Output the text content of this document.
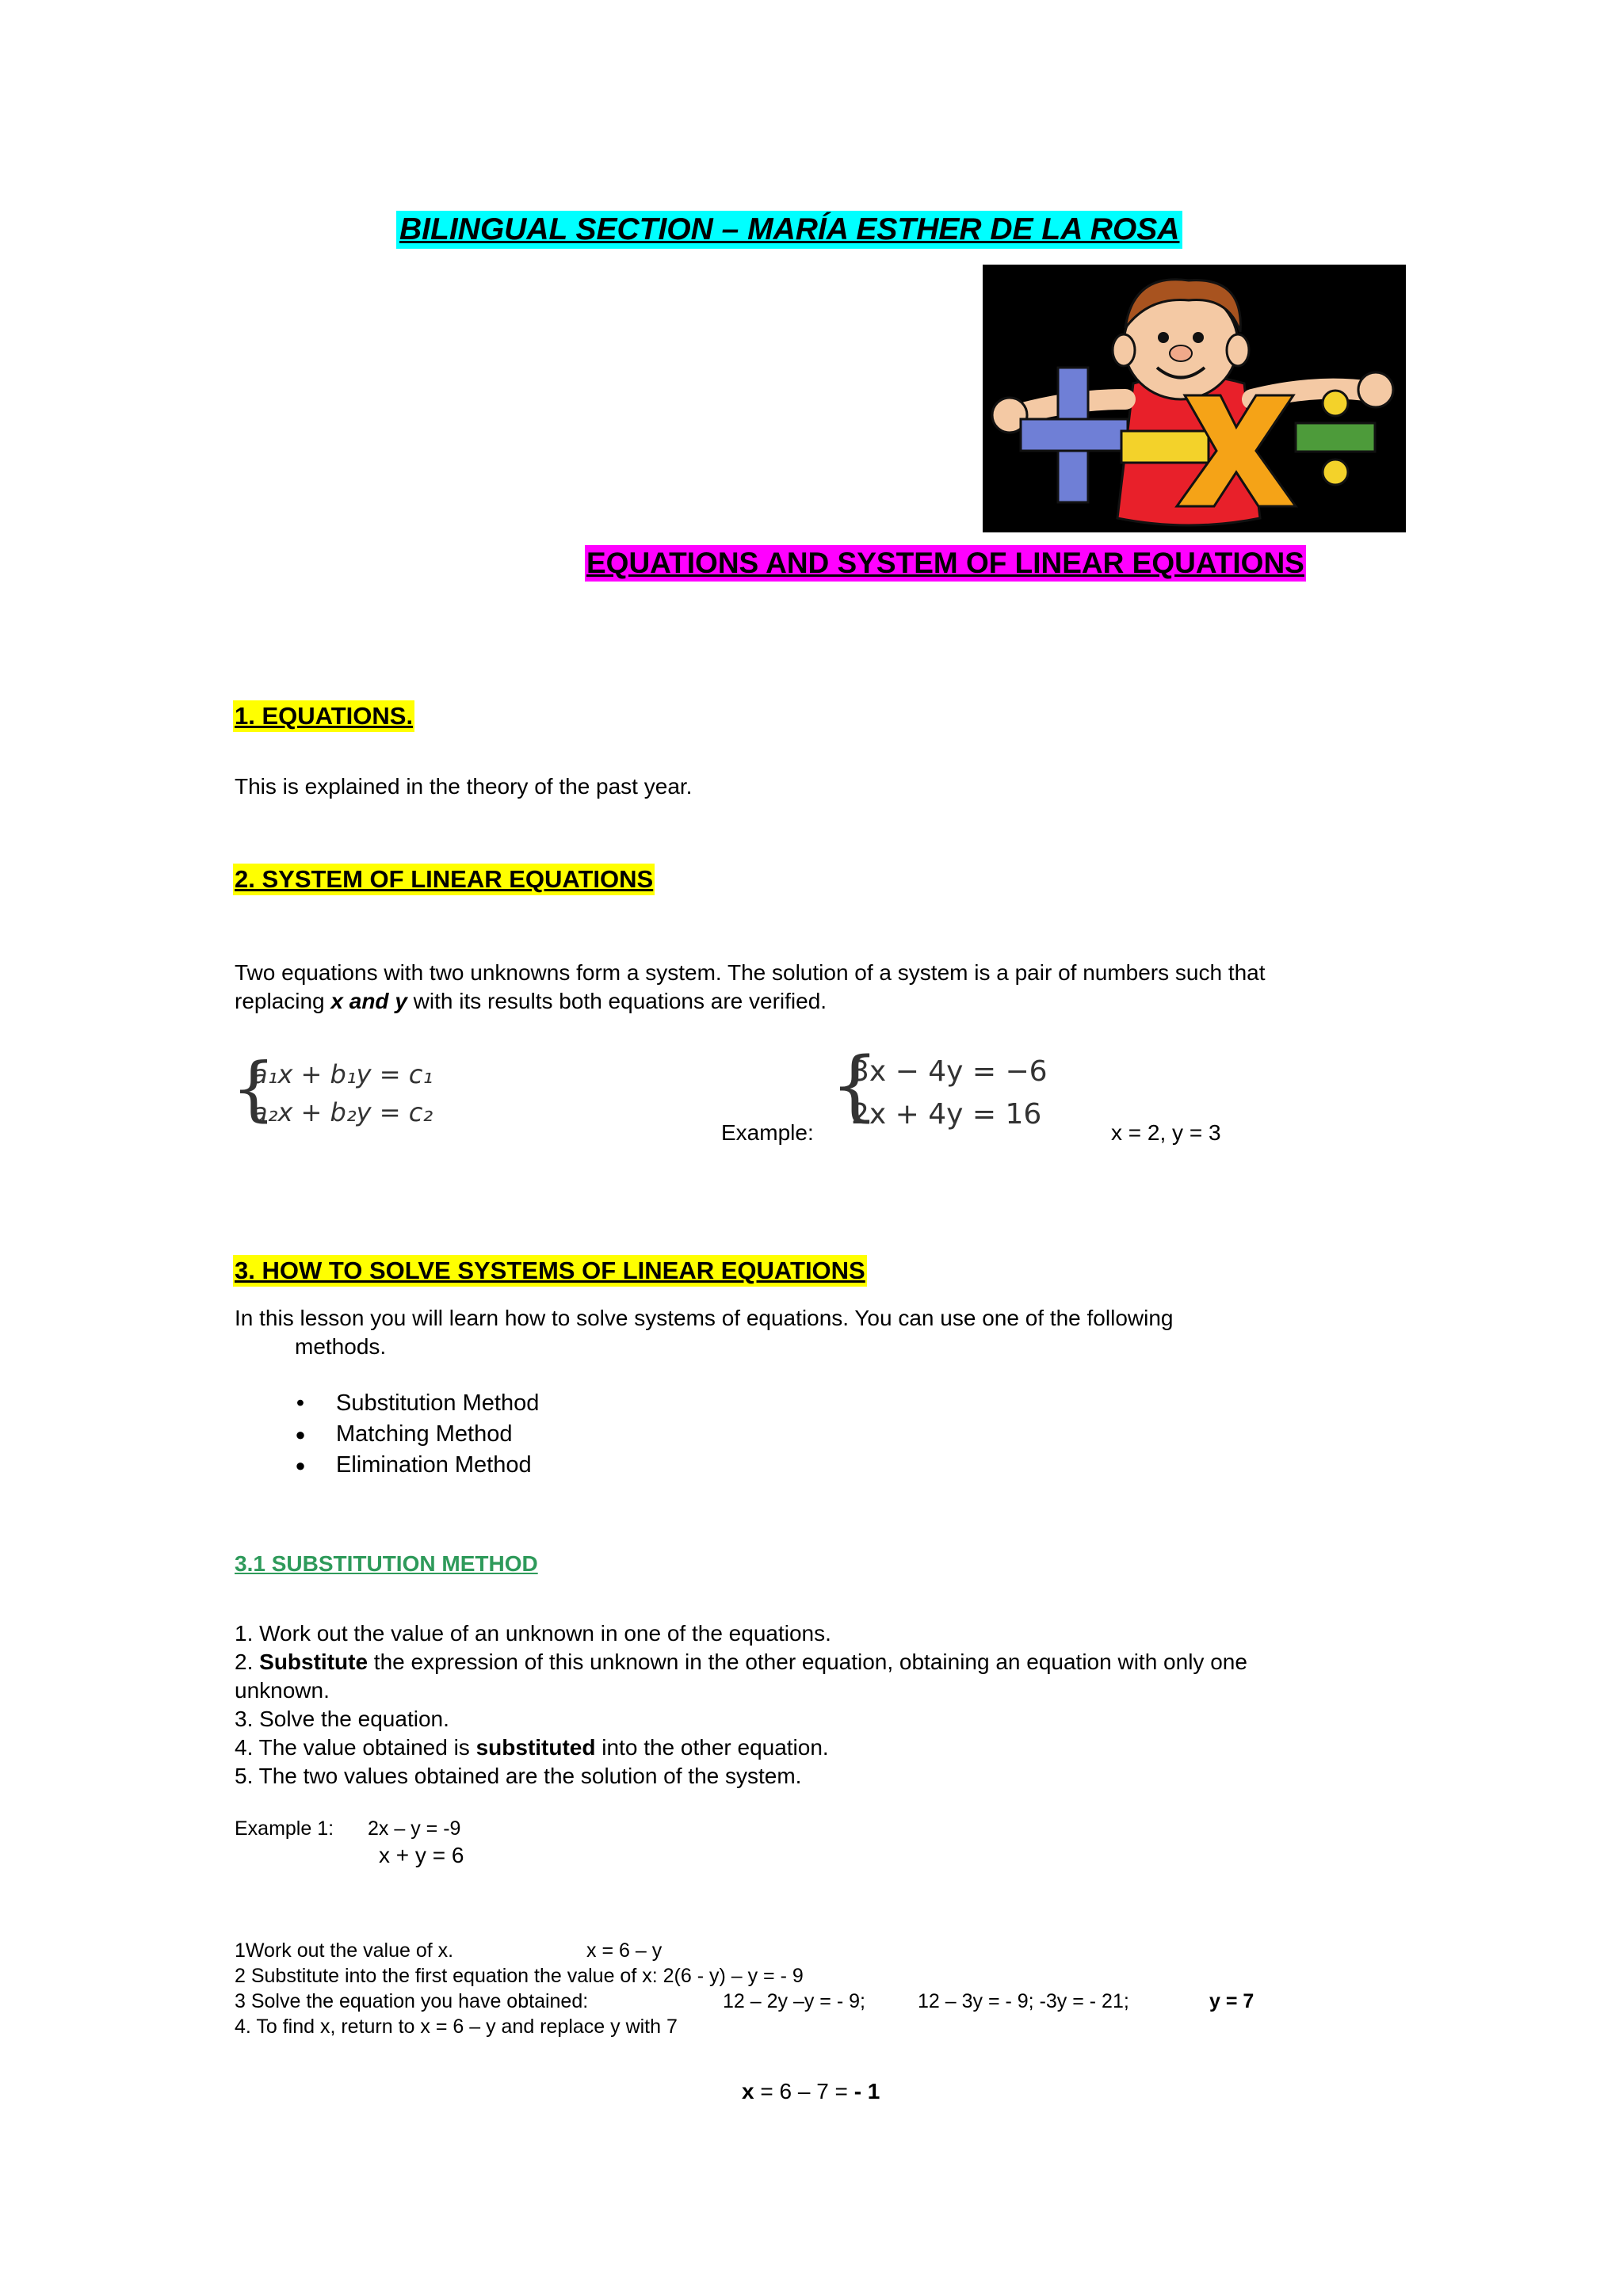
BILINGUAL SECTION – MARÍA ESTHER DE LA ROSA
EQUATIONS AND SYSTEM OF LINEAR EQUATIONS
1. EQUATIONS.
This is explained in the theory of the past year.
2. SYSTEM OF LINEAR EQUATIONS
Two equations with two unknowns form a system. The solution of a system is a pair of numbers such that
replacing x and y with its results both equations are verified.
{
a₁x + b₁y = c₁
a₂x + b₂y = c₂
Example:
{
3x − 4y = −6
2x + 4y = 16
x = 2, y = 3
3. HOW TO SOLVE SYSTEMS OF LINEAR EQUATIONS
In this lesson you will learn how to solve systems of equations. You can use one of the following
methods.
•	Substitution Method
● Matching Method
● Elimination Method
3.1 SUBSTITUTION METHOD
1. Work out the value of an unknown in one of the equations.
2. Substitute the expression of this unknown in the other equation, obtaining an equation with only one
unknown.
3. Solve the equation.
4. The value obtained is substituted into the other equation.
5. The two values obtained are the solution of the system.
Example 1: 2x – y = -9
x + y = 6
1Work out the value of x.	x = 6 – y
2 Substitute into the first equation the value of x: 2(6 - y) – y = - 9
3 Solve the equation you have obtained:	12 – 2y –y = - 9;	12 – 3y = - 9; -3y = - 21;	y = 7
4. To find x, return to x = 6 – y and replace y with 7
x = 6 – 7 = - 1
